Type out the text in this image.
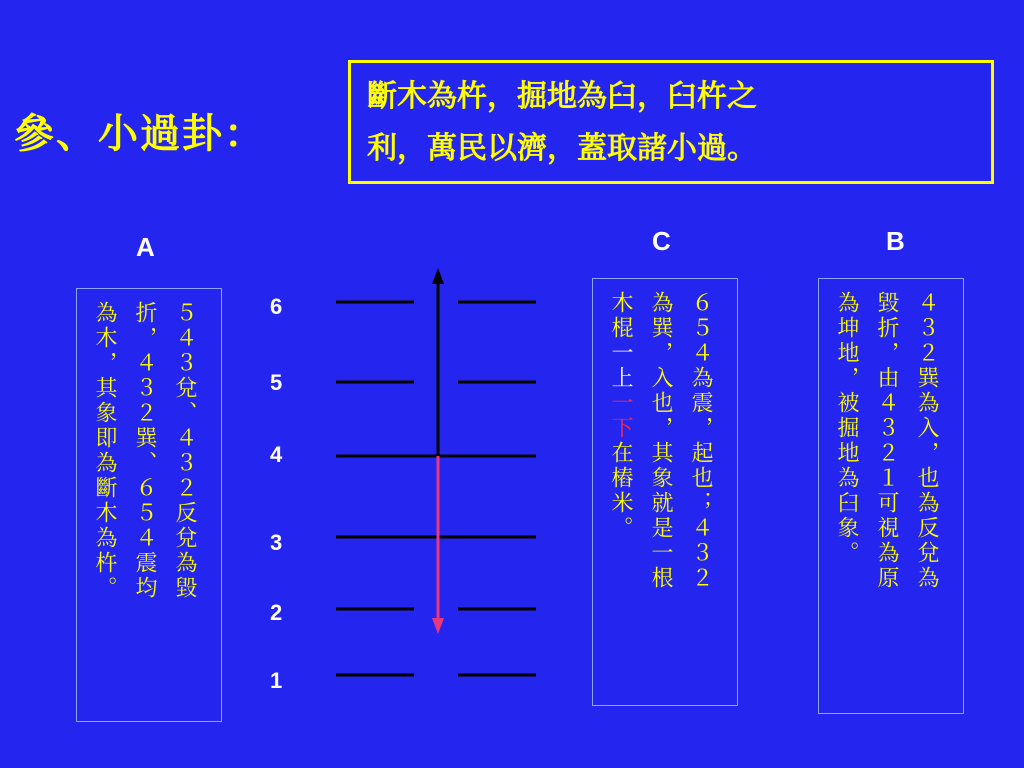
參、小過卦：
斷木為杵，掘地為臼，臼杵之
利，萬民以濟，蓋取諸小過。
A	C	B
５４３兌、４３２反兌為毀
折，４３２巽、６５４震均
為木，其象即為斷木為杵。	６５４為震，起也；４３２
為巽，入也，其象就是一根
木棍一上一下在樁米。	４３２巽為入，也為反兌為
毀折，由４３２１可視為原
為坤地，被掘地為臼象。
6
5
4
3
2
1
